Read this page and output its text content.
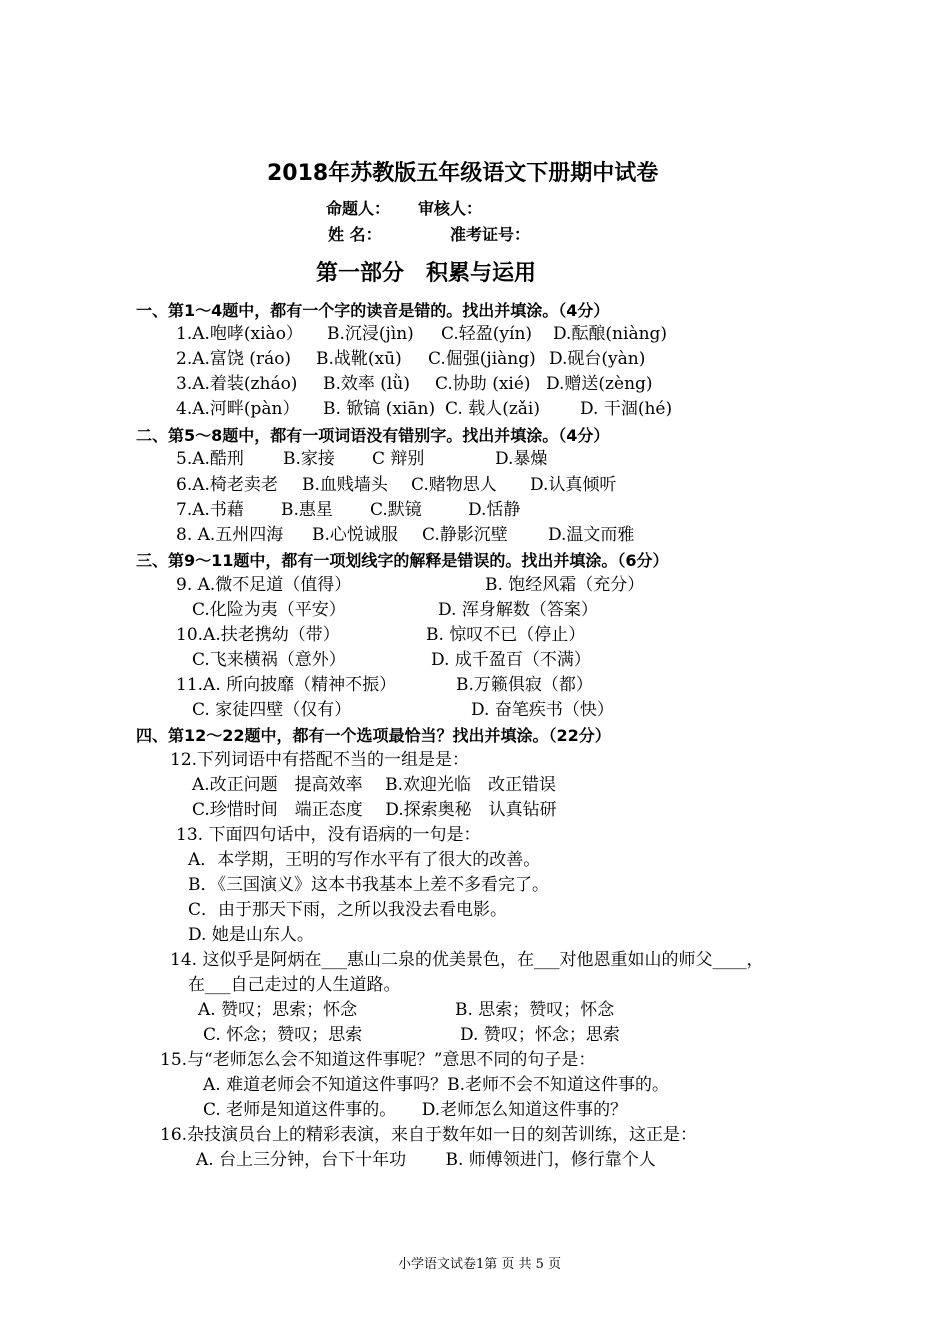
2018年苏教版五年级语文下册期中试卷
命题人： 审核人：
姓 名：	准考证号：
第一部分　积累与运用
一、第1～4题中，都有一个字的读音是错的。找出并填涂。（4分）
1.A.咆哮(xiào） B.沉浸(jìn) C.轻盈(yín) D.酝酿(niàng)
2.A.富饶 (ráo) B.战靴(xū) C.倔强(jiàng) D.砚台(yàn)
3.A.着装(zháo) B.效率 (lǜ) C.协助 (xié) D.赠送(zèng)
4.A.河畔(pàn） B. 锨镐 (xiān) C. 载人(zǎi) D. 干涸(hé)
二、第5～8题中，都有一项词语没有错别字。找出并填涂。（4分）
5.A.酷刑 B.家接 C 辩别	D.暴燥
6.A.椅老卖老 B.血贱墙头 C.赌物思人 D.认真倾听
7.A.书藉 B.惠星 C.默镜	D.恬静
8. A.五州四海 B.心悦诚服 C.静影沉壁 D.温文而雅
三、第9～11题中，都有一项划线字的解释是错误的。找出并填涂。（6分）
9. A.微不足道（值得）	B. 饱经风霜（充分）
C.化险为夷（平安）	D. 浑身解数（答案）
10.A.扶老携幼（带）	B. 惊叹不已（停止）
C.飞来横祸（意外）	D. 成千盈百（不满）
11.A. 所向披靡（精神不振）	B.万籁俱寂（都）
C. 家徒四壁（仅有）	D. 奋笔疾书（快）
四、第12～22题中，都有一个选项最恰当？找出并填涂。（22分）
12.下列词语中有搭配不当的一组是是：
A.改正问题　提高效率　 B.欢迎光临　改正错误
C.珍惜时间　端正态度　 D.探索奥秘　认真钻研
13. 下面四句话中，没有语病的一句是：
A．本学期，王明的写作水平有了很大的改善。
B．《三国演义》这本书我基本上差不多看完了。
C．由于那天下雨，之所以我没去看电影。
D. 她是山东人。
14. 这似乎是阿炳在___惠山二泉的优美景色，在___对他恩重如山的师父____，
在___自己走过的人生道路。
A. 赞叹；思索；怀念	B. 思索；赞叹；怀念
C. 怀念；赞叹；思索	D. 赞叹；怀念；思索
15.与“老师怎么会不知道这件事呢？”意思不同的句子是：
A. 难道老师会不知道这件事吗？B.老师不会不知道这件事的。
C. 老师是知道这件事的。　　D.老师怎么知道这件事的？
16.杂技演员台上的精彩表演，来自于数年如一日的刻苦训练，这正是：
A. 台上三分钟，台下十年功　　 B. 师傅领进门，修行靠个人
小学语文试卷1第 页 共 5 页
